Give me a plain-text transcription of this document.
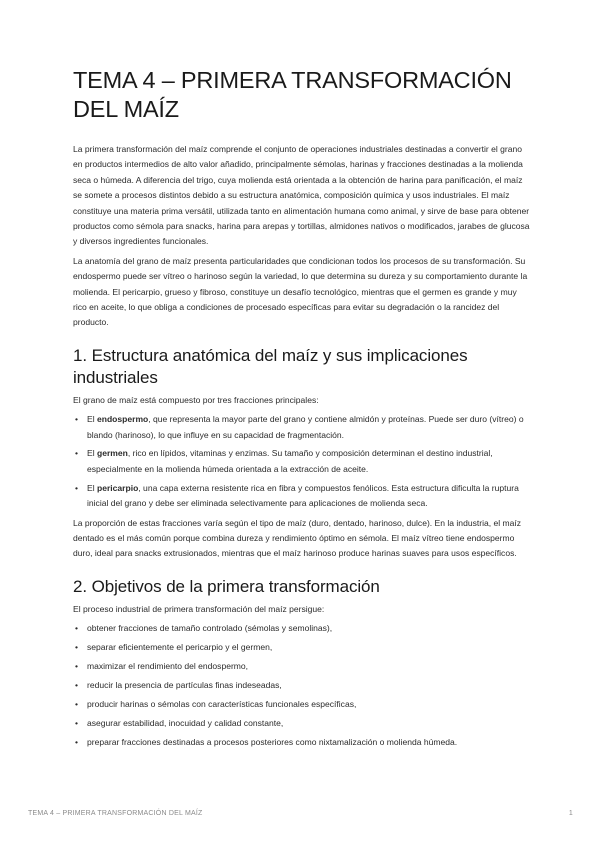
TEMA 4 – PRIMERA TRANSFORMACIÓN DEL MAÍZ

La primera transformación del maíz comprende el conjunto de operaciones industriales destinadas a convertir el grano en productos intermedios de alto valor añadido, principalmente sémolas, harinas y fracciones destinadas a la molienda seca o húmeda. A diferencia del trigo, cuya molienda está orientada a la obtención de harina para panificación, el maíz se somete a procesos distintos debido a su estructura anatómica, composición química y usos industriales. El maíz constituye una materia prima versátil, utilizada tanto en alimentación humana como animal, y sirve de base para obtener productos como sémola para snacks, harina para arepas y tortillas, almidones nativos o modificados, jarabes de glucosa y diversos ingredientes funcionales.

La anatomía del grano de maíz presenta particularidades que condicionan todos los procesos de su transformación. Su endospermo puede ser vítreo o harinoso según la variedad, lo que determina su dureza y su comportamiento durante la molienda. El pericarpio, grueso y fibroso, constituye un desafío tecnológico, mientras que el germen es grande y muy rico en aceite, lo que obliga a condiciones de procesado específicas para evitar su degradación o la rancidez del producto.

1. Estructura anatómica del maíz y sus implicaciones industriales

El grano de maíz está compuesto por tres fracciones principales:

• El endospermo, que representa la mayor parte del grano y contiene almidón y proteínas. Puede ser duro (vítreo) o blando (harinoso), lo que influye en su capacidad de fragmentación.
• El germen, rico en lípidos, vitaminas y enzimas. Su tamaño y composición determinan el destino industrial, especialmente en la molienda húmeda orientada a la extracción de aceite.
• El pericarpio, una capa externa resistente rica en fibra y compuestos fenólicos. Esta estructura dificulta la ruptura inicial del grano y debe ser eliminada selectivamente para aplicaciones de molienda seca.

La proporción de estas fracciones varía según el tipo de maíz (duro, dentado, harinoso, dulce). En la industria, el maíz dentado es el más común porque combina dureza y rendimiento óptimo en sémola. El maíz vítreo tiene endospermo duro, ideal para snacks extrusionados, mientras que el maíz harinoso produce harinas suaves para usos específicos.

2. Objetivos de la primera transformación

El proceso industrial de primera transformación del maíz persigue:

• obtener fracciones de tamaño controlado (sémolas y semolinas),
• separar eficientemente el pericarpio y el germen,
• maximizar el rendimiento del endospermo,
• reducir la presencia de partículas finas indeseadas,
• producir harinas o sémolas con características funcionales específicas,
• asegurar estabilidad, inocuidad y calidad constante,
• preparar fracciones destinadas a procesos posteriores como nixtamalización o molienda húmeda.
TEMA 4 – PRIMERA TRANSFORMACIÓN DEL MAÍZ	1
